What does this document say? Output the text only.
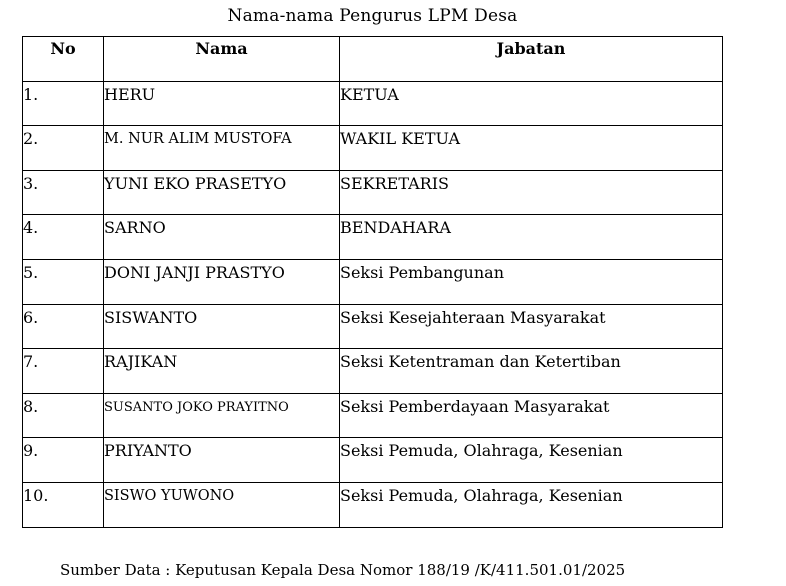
Nama-nama Pengurus LPM Desa
No	Nama	Jabatan
1.	HERU	KETUA
2.	M. NUR ALIM MUSTOFA	WAKIL KETUA
3.	YUNI EKO PRASETYO	SEKRETARIS
4.	SARNO	BENDAHARA
5.	DONI JANJI PRASTYO	Seksi Pembangunan
6.	SISWANTO	Seksi Kesejahteraan Masyarakat
7.	RAJIKAN	Seksi Ketentraman dan Ketertiban
8.	SUSANTO JOKO PRAYITNO	Seksi Pemberdayaan Masyarakat
9.	PRIYANTO	Seksi Pemuda, Olahraga, Kesenian
10.	SISWO YUWONO	Seksi Pemuda, Olahraga, Kesenian
Sumber Data : Keputusan Kepala Desa Nomor 188/19 /K/411.501.01/2025
